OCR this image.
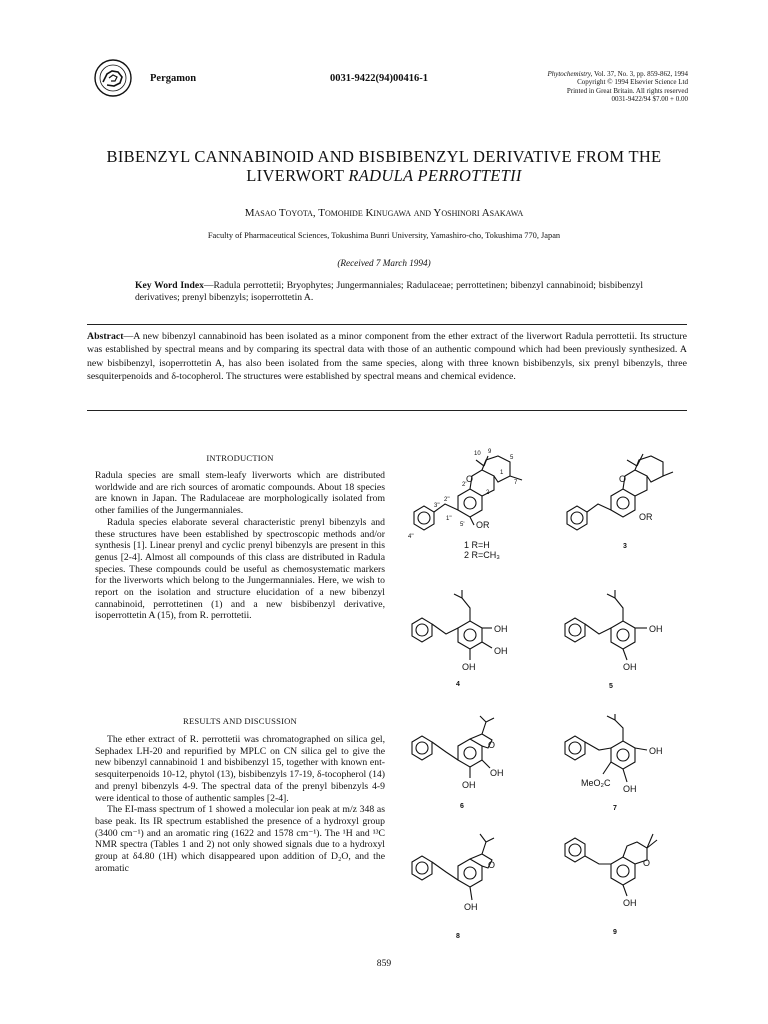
Pergamon	0031-9422(94)00416-1	Phytochemistry, Vol. 37, No. 3, pp. 859-862, 1994
Copyright © 1994 Elsevier Science Ltd
Printed in Great Britain. All rights reserved
0031-9422/94 $7.00 + 0.00
BIBENZYL CANNABINOID AND BISBIBENZYL DERIVATIVE FROM THE
LIVERWORT RADULA PERROTTETII
Masao Toyota, Tomohide Kinugawa and Yoshinori Asakawa
Faculty of Pharmaceutical Sciences, Tokushima Bunri University, Yamashiro-cho, Tokushima 770, Japan
(Received 7 March 1994)
Key Word Index—Radula perrottetii; Bryophytes; Jungermanniales; Radulaceae; perrottetinen; bibenzyl cannabinoid; bisbibenzyl derivatives; prenyl bibenzyls; isoperrottetin A.
Abstract—A new bibenzyl cannabinoid has been isolated as a minor component from the ether extract of the liverwort Radula perrottetii. Its structure was established by spectral means and by comparing its spectral data with those of an authentic compound which had been previously synthesized. A new bisbibenzyl, isoperrottetin A, has also been isolated from the same species, along with three known bisbibenzyls, six prenyl bibenzyls, three sesquiterpenoids and δ-tocopherol. The structures were established by spectral means and chemical evidence.
INTRODUCTION

Radula species are small stem-leafy liverworts which are distributed worldwide and are rich sources of aromatic compounds. About 18 species are known in Japan. The Radulaceae are morphologically isolated from other families of the Jungermanniales.

Radula species elaborate several characteristic prenyl bibenzyls and these structures have been established by spectroscopic methods and/or synthesis [1]. Linear prenyl and cyclic prenyl bibenzyls are present in this genus [2-4]. Almost all compounds of this class are distributed in Radula species. These compounds could be useful as chemosystematic markers for the liverworts which belong to the Jungermanniales. Here, we wish to report on the isolation and structure elucidation of a new bibenzyl cannabinoid, perrottetinen (1) and a new bisbibenzyl derivative, isoperrottetin A (15), from R. perrottetii.

RESULTS AND DISCUSSION

The ether extract of R. perrottetii was chromatographed on silica gel, Sephadex LH-20 and repurified by MPLC on CN silica gel to give the new bibenzyl cannabinoid 1 and bisbibenzyl 15, together with known ent-sesquiterpenoids 10-12, phytol (13), bisbibenzyls 17-19, δ-tocopherol (14) and prenyl bibenzyls 4-9. The spectral data of the prenyl bibenzyls 4-9 were identical to those of authentic samples [2-4].

The EI-mass spectrum of 1 showed a molecular ion peak at m/z 348 as base peak. Its IR spectrum established the presence of a hydroxyl group (3400 cm⁻¹) and an aromatic ring (1622 and 1578 cm⁻¹). The ¹H and ¹³C NMR spectra (Tables 1 and 2) not only showed signals due to a hydroxyl group at δ4.80 (1H) which disappeared upon addition of D₂O, and the aromatic

O
OR
10 9
5
7
1
2
2'
2''
3''
1''
5'
4''
1 R=H
2 R=CH₃
O
OR
3
OH
OH
OH
4
OH
OH
5
O
OH
OH
6
OH
MeO₂C
OH
7
O
OH
8
O
OH
9
859
